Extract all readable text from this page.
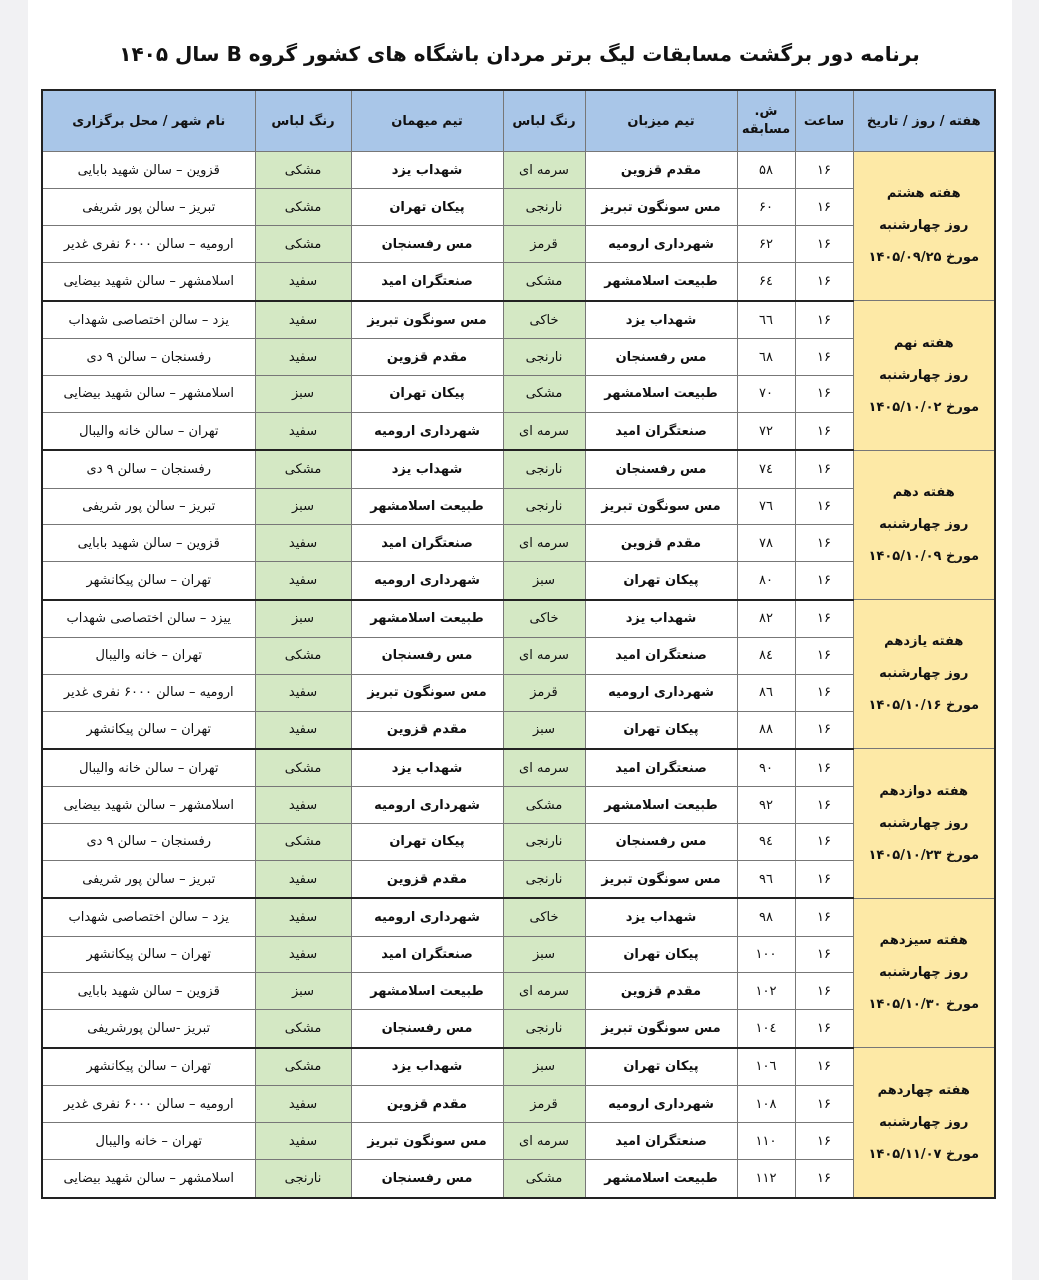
برنامه دور برگشت مسابقات لیگ برتر مردان باشگاه های کشور گروه B سال ۱۴۰۵
هفته / روز / تاریخ	ساعت	ش. مسابقه	تیم میزبان	رنگ لباس	تیم میهمان	رنگ لباس	نام شهر / محل برگزاری

هفته هشتم
روز چهارشنبه
مورخ ۱۴۰۵/۰۹/۲۵	۱۶	۵۸	مقدم قزوین	سرمه ای	شهداب یزد	مشکی	قزوین – سالن شهید بابایی
	۱۶	۶۰	مس سونگون تبریز	نارنجی	پیکان تهران	مشکی	تبریز – سالن پور شریفی
	۱۶	۶۲	شهرداری ارومیه	قرمز	مس رفسنجان	مشکی	ارومیه – سالن ۶۰۰۰ نفری غدیر
	۱۶	۶٤	طبیعت اسلامشهر	مشکی	صنعتگران امید	سفید	اسلامشهر – سالن شهید بیضایی

هفته نهم
روز چهارشنبه
مورخ ۱۴۰۵/۱۰/۰۲	۱۶	٦٦	شهداب یزد	خاکی	مس سونگون تبریز	سفید	یزد – سالن اختصاصی شهداب
	۱۶	٦٨	مس رفسنجان	نارنجی	مقدم قزوین	سفید	رفسنجان – سالن ۹ دی
	۱۶	۷۰	طبیعت اسلامشهر	مشکی	پیکان تهران	سبز	اسلامشهر – سالن شهید بیضایی
	۱۶	۷۲	صنعتگران امید	سرمه ای	شهرداری ارومیه	سفید	تهران – سالن خانه والیبال

هفته دهم
روز چهارشنبه
مورخ ۱۴۰۵/۱۰/۰۹	۱۶	۷٤	مس رفسنجان	نارنجی	شهداب یزد	مشکی	رفسنجان – سالن ۹ دی
	۱۶	۷٦	مس سونگون تبریز	نارنجی	طبیعت اسلامشهر	سبز	تبریز – سالن پور شریفی
	۱۶	۷۸	مقدم قزوین	سرمه ای	صنعتگران امید	سفید	قزوین – سالن شهید بابایی
	۱۶	۸۰	پیکان تهران	سبز	شهرداری ارومیه	سفید	تهران – سالن پیکانشهر

هفته یازدهم
روز چهارشنبه
مورخ ۱۴۰۵/۱۰/۱۶	۱۶	۸۲	شهداب یزد	خاکی	طبیعت اسلامشهر	سبز	ییزد – سالن اختصاصی شهداب
	۱۶	۸٤	صنعتگران امید	سرمه ای	مس رفسنجان	مشکی	تهران – خانه والیبال
	۱۶	۸٦	شهرداری ارومیه	قرمز	مس سونگون تبریز	سفید	ارومیه – سالن ۶۰۰۰ نفری غدیر
	۱۶	۸۸	پیکان تهران	سبز	مقدم قزوین	سفید	تهران – سالن پیکانشهر

هفته دوازدهم
روز چهارشنبه
مورخ ۱۴۰۵/۱۰/۲۳	۱۶	۹۰	صنعتگران امید	سرمه ای	شهداب یزد	مشکی	تهران – سالن خانه والیبال
	۱۶	۹۲	طبیعت اسلامشهر	مشکی	شهرداری ارومیه	سفید	اسلامشهر – سالن شهید بیضایی
	۱۶	۹٤	مس رفسنجان	نارنجی	پیکان تهران	مشکی	رفسنجان – سالن ۹ دی
	۱۶	۹٦	مس سونگون تبریز	نارنجی	مقدم قزوین	سفید	تبریز – سالن پور شریفی

هفته سیزدهم
روز چهارشنبه
مورخ ۱۴۰۵/۱۰/۳۰	۱۶	۹۸	شهداب یزد	خاکی	شهرداری ارومیه	سفید	یزد – سالن اختصاصی شهداب
	۱۶	۱۰۰	پیکان تهران	سبز	صنعتگران امید	سفید	تهران – سالن پیکانشهر
	۱۶	۱۰۲	مقدم قزوین	سرمه ای	طبیعت اسلامشهر	سبز	قزوین – سالن شهید بابایی
	۱۶	۱۰٤	مس سونگون تبریز	نارنجی	مس رفسنجان	مشکی	تبریز -سالن پورشریفی

هفته چهاردهم
روز چهارشنبه
مورخ ۱۴۰۵/۱۱/۰۷	۱۶	۱۰٦	پیکان تهران	سبز	شهداب یزد	مشکی	تهران – سالن پیکانشهر
	۱۶	۱۰۸	شهرداری ارومیه	قرمز	مقدم قزوین	سفید	ارومیه – سالن ۶۰۰۰ نفری غدیر
	۱۶	۱۱۰	صنعتگران امید	سرمه ای	مس سونگون تبریز	سفید	تهران – خانه والیبال
	۱۶	۱۱۲	طبیعت اسلامشهر	مشکی	مس رفسنجان	نارنجی	اسلامشهر – سالن شهید بیضایی
